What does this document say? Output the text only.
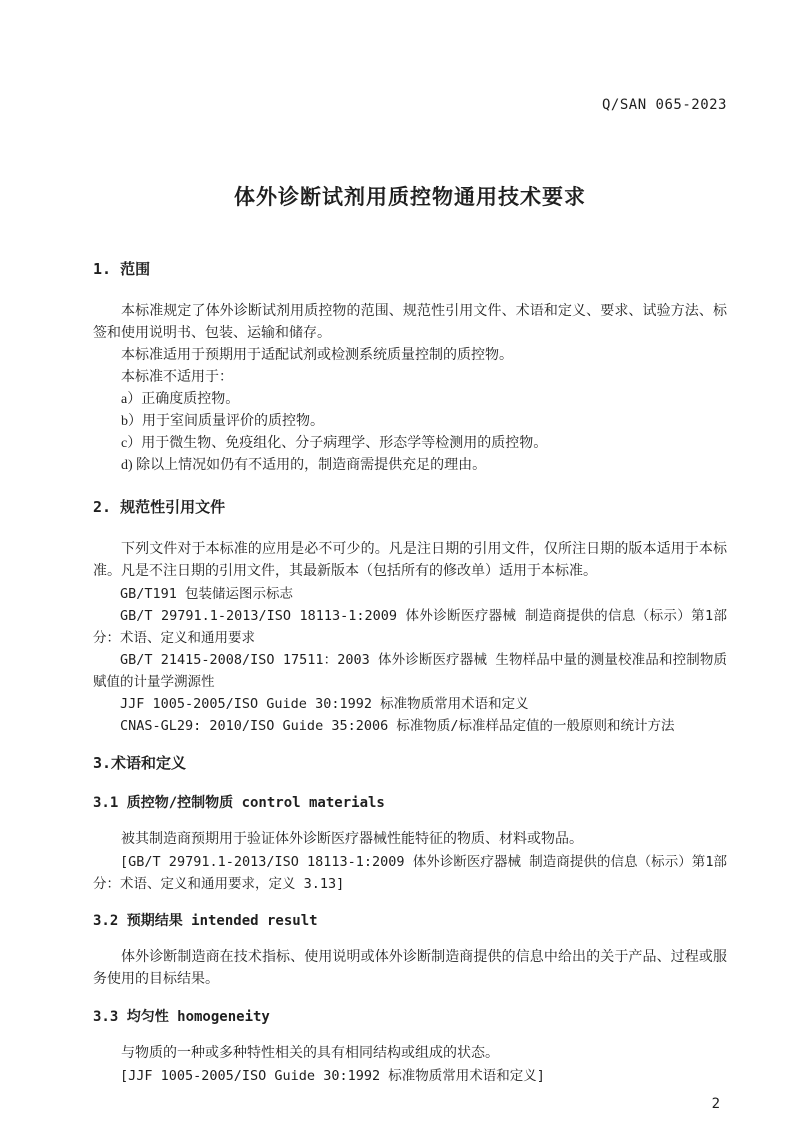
Q/SAN 065-2023
体外诊断试剂用质控物通用技术要求
1. 范围

本标准规定了体外诊断试剂用质控物的范围、规范性引用文件、术语和定义、要求、试验方法、标签和使用说明书、包装、运输和储存。

本标准适用于预期用于适配试剂或检测系统质量控制的质控物。

本标准不适用于：

a）正确度质控物。

b）用于室间质量评价的质控物。

c）用于微生物、免疫组化、分子病理学、形态学等检测用的质控物。

d) 除以上情况如仍有不适用的，制造商需提供充足的理由。

2. 规范性引用文件

下列文件对于本标准的应用是必不可少的。凡是注日期的引用文件，仅所注日期的版本适用于本标准。凡是不注日期的引用文件，其最新版本（包括所有的修改单）适用于本标准。

GB/T191 包装储运图示标志

GB/T 29791.1-2013/ISO 18113-1:2009 体外诊断医疗器械 制造商提供的信息（标示）第1部分：术语、定义和通用要求

GB/T 21415-2008/ISO 17511：2003 体外诊断医疗器械 生物样品中量的测量校准品和控制物质赋值的计量学溯源性

JJF 1005-2005/ISO Guide 30:1992 标准物质常用术语和定义

CNAS-GL29: 2010/ISO Guide 35:2006 标准物质/标准样品定值的一般原则和统计方法

3.术语和定义
3.1 质控物/控制物质 control materials

被其制造商预期用于验证体外诊断医疗器械性能特征的物质、材料或物品。

[GB/T 29791.1-2013/ISO 18113-1:2009 体外诊断医疗器械 制造商提供的信息（标示）第1部分：术语、定义和通用要求，定义 3.13]

3.2 预期结果 intended result

体外诊断制造商在技术指标、使用说明或体外诊断制造商提供的信息中给出的关于产品、过程或服务使用的目标结果。

3.3 均匀性 homogeneity

与物质的一种或多种特性相关的具有相同结构或组成的状态。

[JJF 1005-2005/ISO Guide 30:1992 标准物质常用术语和定义]

2
